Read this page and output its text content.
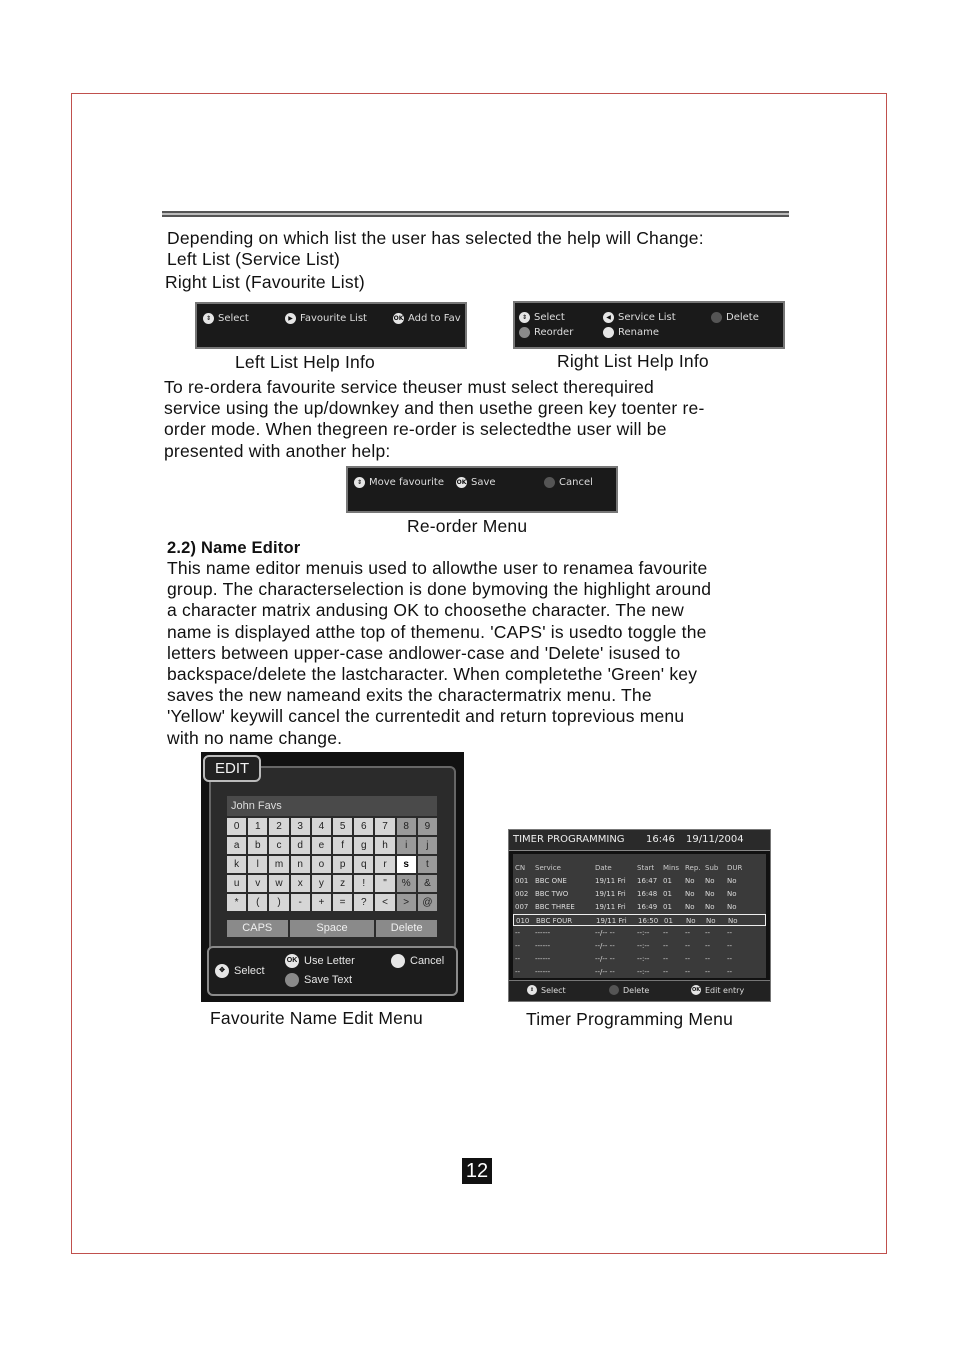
Depending on which list the user has selected the help will Change:
Left List (Service List)
Right List (Favourite List)
⇕ Select	▶ Favourite List	OK Add to Fav
Left List Help Info
⇕ Select	◀ Service List	Delete
Reorder	Rename
Right List Help Info
To re-ordera favourite service theuser must select therequired
service using the up/downkey and then usethe green key toenter re-
order mode. When thegreen re-order is selectedthe user will be
presented with another help:
⇕ Move favourite OK Save	Cancel
Re-order Menu
2.2) Name Editor
This name editor menuis used to allowthe user to renamea favourite
group. The characterselection is done bymoving the highlight around
a character matrix andusing OK to choosethe character. The new
name is displayed atthe top of themenu. 'CAPS' is usedto toggle the
letters between upper-case andlower-case and 'Delete' isused to
backspace/delete the lastcharacter. When completethe 'Green' key
saves the new nameand exits the charactermatrix menu. The
'Yellow' keywill cancel the currentedit and return toprevious menu
with no name change.
EDIT
John Favs
0	1	2	3	4	5	6	7	8	9
a	b	c	d	e	f	g	h	i	j
k	l	m	n	o	p	q	r	s	t
u	v	w	x	y	z	!	"	%	&
*	(	)	-	+	=	?	<	>	@
CAPS	Space	Delete
✥ Select
OK Use Letter	Cancel
Save Text
Favourite Name Edit Menu
TIMER PROGRAMMING 16:46 19/11/2004
CN Service	Date	Start Mins Rep. Sub DUR
001 BBC ONE	19/11 Fri 16:47 01 No No No
002 BBC TWO	19/11 Fri 16:48 01 No No No
007 BBC THREE	19/11 Fri 16:49 01 No No No
010 BBC FOUR	19/11 Fri 16:50 01 No No No
-- ------	--/-- --	--:-- -- -- -- --
-- ------	--/-- --	--:-- -- -- -- --
-- ------	--/-- --	--:-- -- -- -- --
-- ------	--/-- --	--:-- -- -- -- --
⇕ Select	Delete	OK Edit entry
Timer Programming Menu
12
